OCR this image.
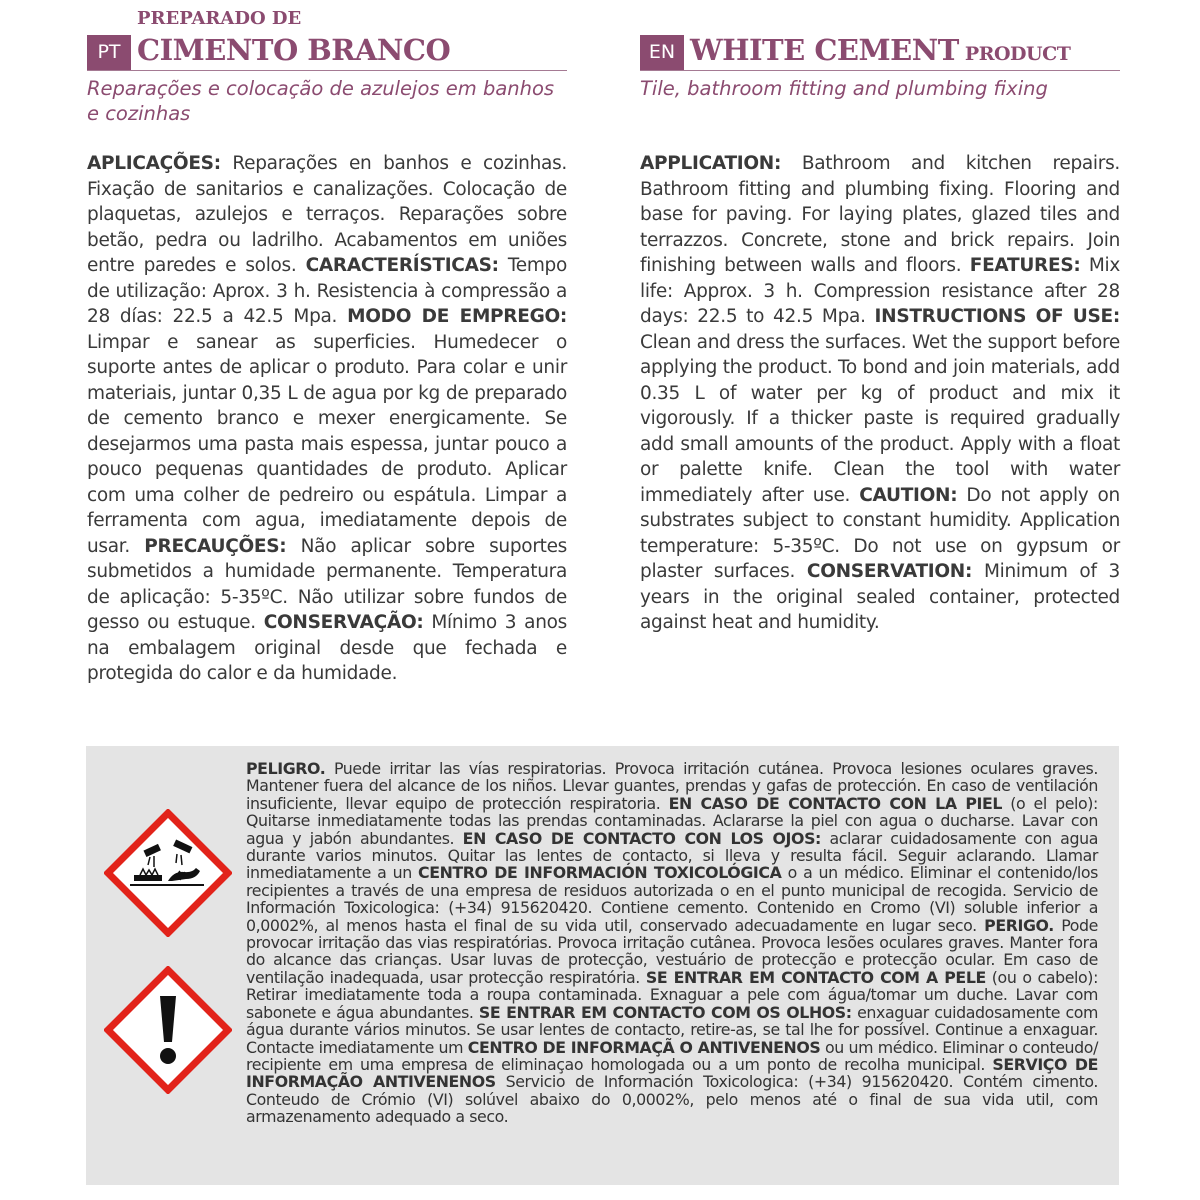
PREPARADO DE
PT CIMENTO BRANCO
Reparações e colocação de azulejos em banhos e cozinhas
APLICAÇÕES: Reparações en banhos e cozinhas. Fixação de sanitarios e canalizações. Colocação de plaquetas, azulejos e terraços. Reparações sobre betão, pedra ou ladrilho. Acabamentos em uniões entre paredes e solos. CARACTERÍSTICAS: Tempo de utilização: Aprox. 3 h. Resistencia à compressão a 28 días: 22.5 a 42.5 Mpa. MODO DE EMPREGO: Limpar e sanear as superficies. Humedecer o suporte antes de aplicar o produto. Para colar e unir materiais, juntar 0,35 L de agua por kg de preparado de cemento branco e mexer energicamente. Se desejarmos uma pasta mais espessa, juntar pouco a pouco pequenas quantidades de produto. Aplicar com uma colher de pedreiro ou espátula. Limpar a ferramenta com agua, imediatamente depois de usar. PRECAUÇÕES: Não aplicar sobre suportes submetidos a humidade permanente. Temperatura de aplicação: 5-35ºC. Não utilizar sobre fundos de gesso ou estuque. CONSERVAÇÃO: Mínimo 3 anos na embalagem original desde que fechada e protegida do calor e da humidade.
EN WHITE CEMENT PRODUCT
Tile, bathroom fitting and plumbing fixing
APPLICATION: Bathroom and kitchen repairs. Bathroom fitting and plumbing fixing. Flooring and base for paving. For laying plates, glazed tiles and terrazzos. Concrete, stone and brick repairs. Join finishing between walls and floors. FEATURES: Mix life: Approx. 3 h. Compression resistance after 28 days: 22.5 to 42.5 Mpa. INSTRUCTIONS OF USE: Clean and dress the surfaces. Wet the support before applying the product. To bond and join materials, add 0.35 L of water per kg of product and mix it vigorously. If a thicker paste is required gradually add small amounts of the product. Apply with a float or palette knife. Clean the tool with water immediately after use. CAUTION: Do not apply on substrates subject to constant humidity. Application temperature: 5-35ºC. Do not use on gypsum or plaster surfaces. CONSERVATION: Minimum of 3 years in the original sealed container, protected against heat and humidity.
PELIGRO. Puede irritar las vías respiratorias. Provoca irritación cutánea. Provoca lesiones oculares graves. Mantener fuera del alcance de los niños. Llevar guantes, prendas y gafas de protección. En caso de ventilación insuficiente, llevar equipo de protección respiratoria. EN CASO DE CONTACTO CON LA PIEL (o el pelo): Quitarse inmediatamente todas las prendas contaminadas. Aclararse la piel con agua o ducharse. Lavar con agua y jabón abundantes. EN CASO DE CONTACTO CON LOS OJOS: aclarar cuidadosamente con agua durante varios minutos. Quitar las lentes de contacto, si lleva y resulta fácil. Seguir aclarando. Llamar inmediatamente a un CENTRO DE INFORMACIÓN TOXICOLÓGICA o a un médico. Eliminar el contenido/los recipientes a través de una empresa de residuos autorizada o en el punto municipal de recogida. Servicio de Información Toxicologica: (+34) 915620420. Contiene cemento. Contenido en Cromo (VI) soluble inferior a 0,0002%, al menos hasta el final de su vida util, conservado adecuadamente en lugar seco. PERIGO. Pode provocar irritação das vias respiratórias. Provoca irritação cutânea. Provoca lesões oculares graves. Manter fora do alcance das crianças. Usar luvas de protecção, vestuário de protecção e protecção ocular. Em caso de ventilação inadequada, usar protecção respiratória. SE ENTRAR EM CONTACTO COM A PELE (ou o cabelo): Retirar imediatamente toda a roupa contaminada. Exnaguar a pele com água/tomar um duche. Lavar com sabonete e água abundantes. SE ENTRAR EM CONTACTO COM OS OLHOS: enxaguar cuidadosamente com água durante vários minutos. Se usar lentes de contacto, retire-as, se tal lhe for possível. Continue a enxaguar. Contacte imediatamente um CENTRO DE INFORMAÇÃ O ANTIVENENOS ou um médico. Eliminar o conteudo/ recipiente em uma empresa de eliminaçao homologada ou a um ponto de recolha municipal. SERVIÇO DE INFORMAÇÃO ANTIVENENOS Servicio de Información Toxicologica: (+34) 915620420. Contém cimento. Conteudo de Crómio (VI) solúvel abaixo do 0,0002%, pelo menos até o final de sua vida util, com armazenamento adequado a seco.
